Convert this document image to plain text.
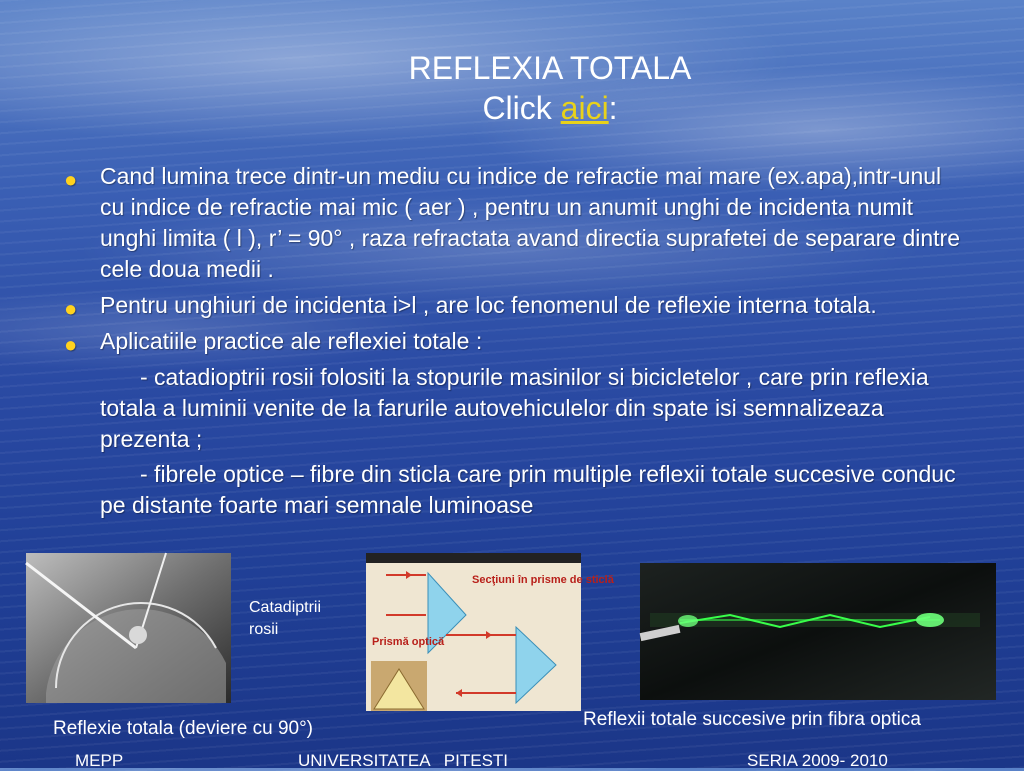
REFLEXIA TOTALA
Click aici:
● Cand lumina trece dintr-un mediu cu indice de refractie mai mare (ex.apa),intr-unul cu indice de refractie mai mic ( aer ) , pentru un anumit unghi de incidenta numit unghi limita ( l ), r’ = 90° , raza refractata avand directia suprafetei de separare dintre cele doua medii .
● Pentru unghiuri de incidenta i>l , are loc fenomenul de reflexie interna totala.
● Aplicatiile practice ale reflexiei totale :
- catadioptrii rosii folositi la stopurile masinilor si bicicletelor , care prin reflexia totala a luminii venite de la farurile autovehiculelor din spate isi semnalizeaza prezenta ;
- fibrele optice – fibre din sticla care prin multiple reflexii totale succesive conduc pe distante foarte mari semnale luminoase
Catadiptrii rosii
Secţiuni în prisme de sticlă
Prismă optică
Reflexie totala (deviere cu 90°)	Reflexii totale succesive prin fibra optica
MEPP	UNIVERSITATEA   PITESTI	SERIA 2009- 2010
